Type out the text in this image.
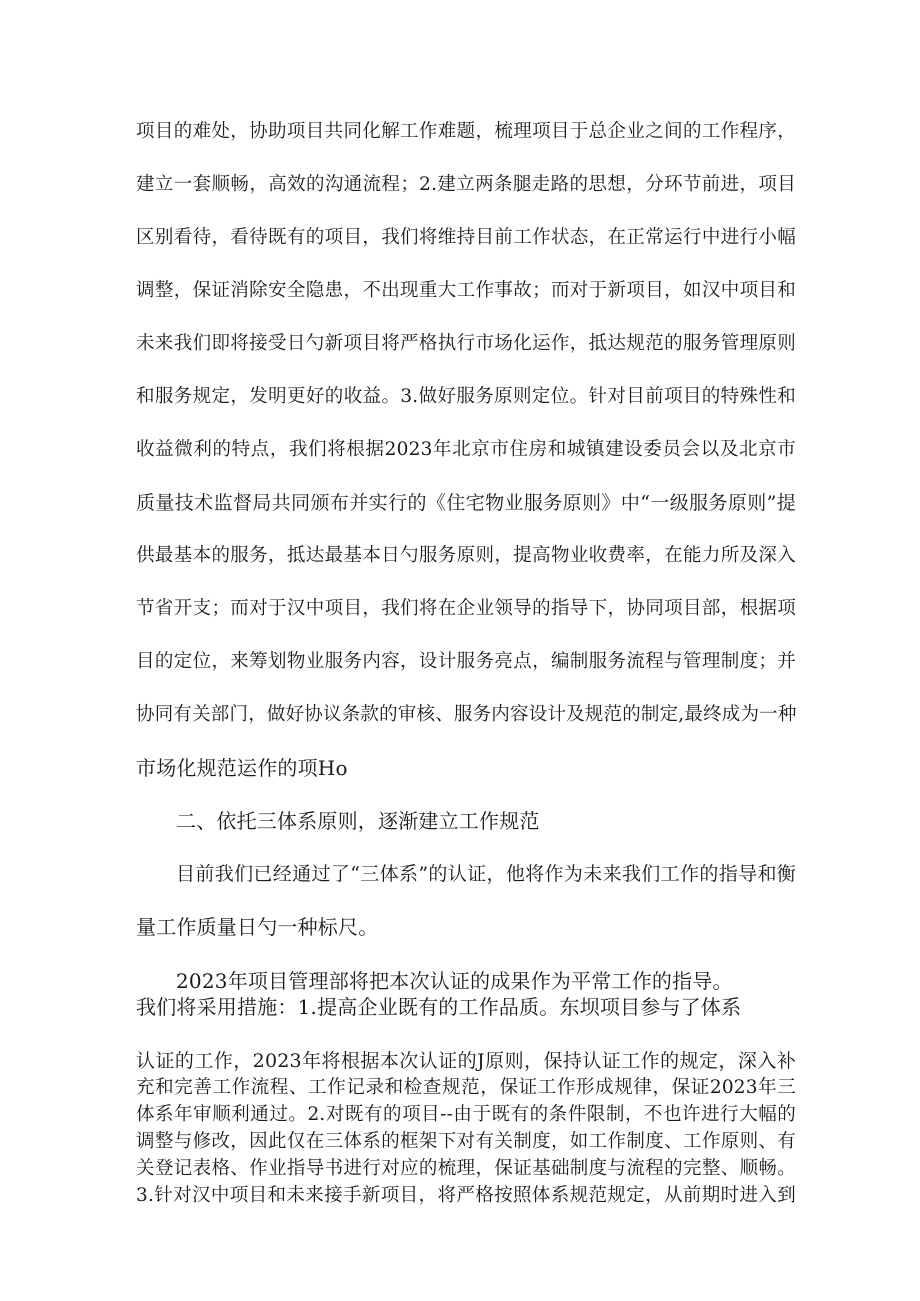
项目的难处，协助项目共同化解工作难题，梳理项目于总企业之间的工作程序，
建立一套顺畅，高效的沟通流程；2.建立两条腿走路的思想，分环节前进，项目
区别看待，看待既有的项目，我们将维持目前工作状态，在正常运行中进行小幅
调整，保证消除安全隐患，不出现重大工作事故；而对于新项目，如汉中项目和
未来我们即将接受日勺新项目将严格执行市场化运作，抵达规范的服务管理原则
和服务规定，发明更好的收益。3.做好服务原则定位。针对目前项目的特殊性和
收益微利的特点，我们将根据2023年北京市住房和城镇建设委员会以及北京市
质量技术监督局共同颁布并实行的《住宅物业服务原则》中“一级服务原则”提
供最基本的服务，抵达最基本日勺服务原则，提高物业收费率，在能力所及深入
节省开支；而对于汉中项目，我们将在企业领导的指导下，协同项目部，根据项
目的定位，来筹划物业服务内容，设计服务亮点，编制服务流程与管理制度；并
协同有关部门，做好协议条款的审核、服务内容设计及规范的制定,最终成为一种
市场化规范运作的项Ho
二、依托三体系原则，逐渐建立工作规范
目前我们已经通过了“三体系”的认证，他将作为未来我们工作的指导和衡
量工作质量日勺一种标尺。
2023年项目管理部将把本次认证的成果作为平常工作的指导。
我们将采用措施：1.提高企业既有的工作品质。东坝项目参与了体系
认证的工作，2023年将根据本次认证的J原则，保持认证工作的规定，深入补
充和完善工作流程、工作记录和检查规范，保证工作形成规律，保证2023年三
体系年审顺利通过。2.对既有的项目--由于既有的条件限制，不也许进行大幅的
调整与修改，因此仅在三体系的框架下对有关制度，如工作制度、工作原则、有
关登记表格、作业指导书进行对应的梳理，保证基础制度与流程的完整、顺畅。
3.针对汉中项目和未来接手新项目，将严格按照体系规范规定，从前期时进入到
